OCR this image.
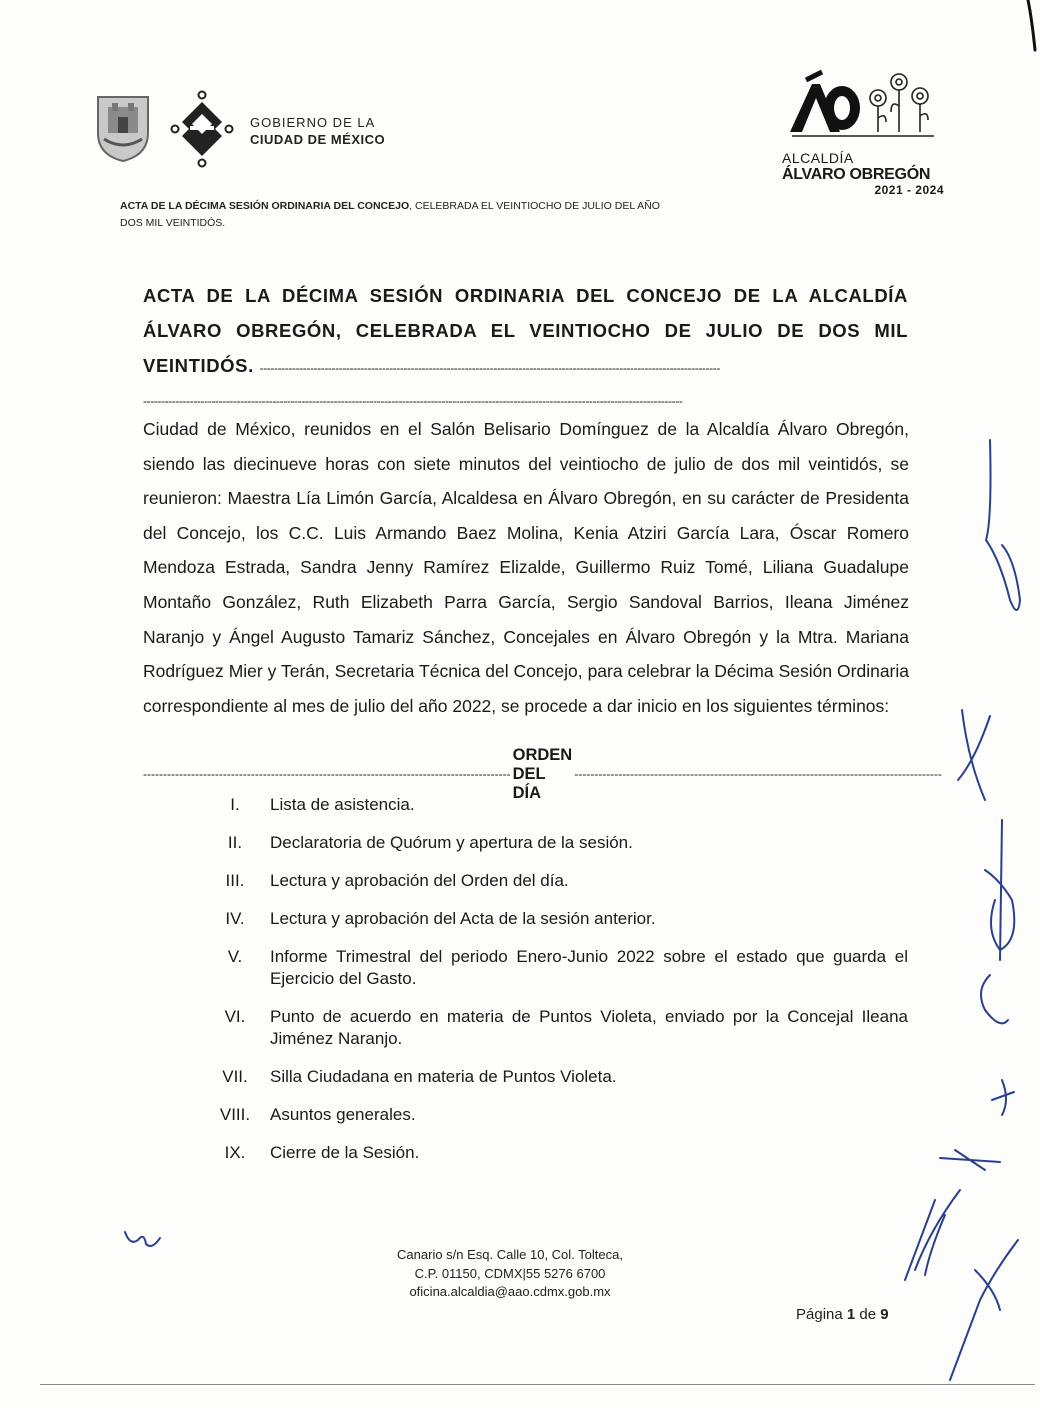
GOBIERNO DE LA
CIUDAD DE MÉXICO
ALCALDÍA
ÁLVARO OBREGÓN
2021 - 2024
ACTA DE LA DÉCIMA SESIÓN ORDINARIA DEL CONCEJO, CELEBRADA EL VEINTIOCHO DE JULIO DEL AÑO DOS MIL VEINTIDÓS.
ACTA DE LA DÉCIMA SESIÓN ORDINARIA DEL CONCEJO DE LA ALCALDÍA ÁLVARO OBREGÓN, CELEBRADA EL VEINTIOCHO DE JULIO DE DOS MIL VEINTIDÓS. --------------------------------------------------------------------------------------------------------------------------------
------------------------------------------------------------------------------------------------------------------------------------------------------
Ciudad de México, reunidos en el Salón Belisario Domínguez de la Alcaldía Álvaro Obregón, siendo las diecinueve horas con siete minutos del veintiocho de julio de dos mil veintidós, se reunieron: Maestra Lía Limón García, Alcaldesa en Álvaro Obregón, en su carácter de Presidenta del Concejo, los C.C. Luis Armando Baez Molina, Kenia Atziri García Lara, Óscar Romero Mendoza Estrada, Sandra Jenny Ramírez Elizalde, Guillermo Ruiz Tomé, Liliana Guadalupe Montaño González, Ruth Elizabeth Parra García, Sergio Sandoval Barrios, Ileana Jiménez Naranjo y Ángel Augusto Tamariz Sánchez, Concejales en Álvaro Obregón y la Mtra. Mariana Rodríguez Mier y Terán, Secretaria Técnica del Concejo, para celebrar la Décima Sesión Ordinaria correspondiente al mes de julio del año 2022, se procede a dar inicio en los siguientes términos:
--------------------------------------------------------------------------------------------
ORDEN DEL DÍA
--------------------------------------------------------------------------------------------
I.	Lista de asistencia.
II.	Declaratoria de Quórum y apertura de la sesión.
III.	Lectura y aprobación del Orden del día.
IV.	Lectura y aprobación del Acta de la sesión anterior.
V.	Informe Trimestral del periodo Enero-Junio 2022 sobre el estado que guarda el Ejercicio del Gasto.
VI.	Punto de acuerdo en materia de Puntos Violeta, enviado por la Concejal Ileana Jiménez Naranjo.
VII.	Silla Ciudadana en materia de Puntos Violeta.
VIII.	Asuntos generales.
IX.	Cierre de la Sesión.
Canario s/n Esq. Calle 10, Col. Tolteca,
C.P. 01150, CDMX|55 5276 6700
oficina.alcaldia@aao.cdmx.gob.mx
Página 1 de 9
